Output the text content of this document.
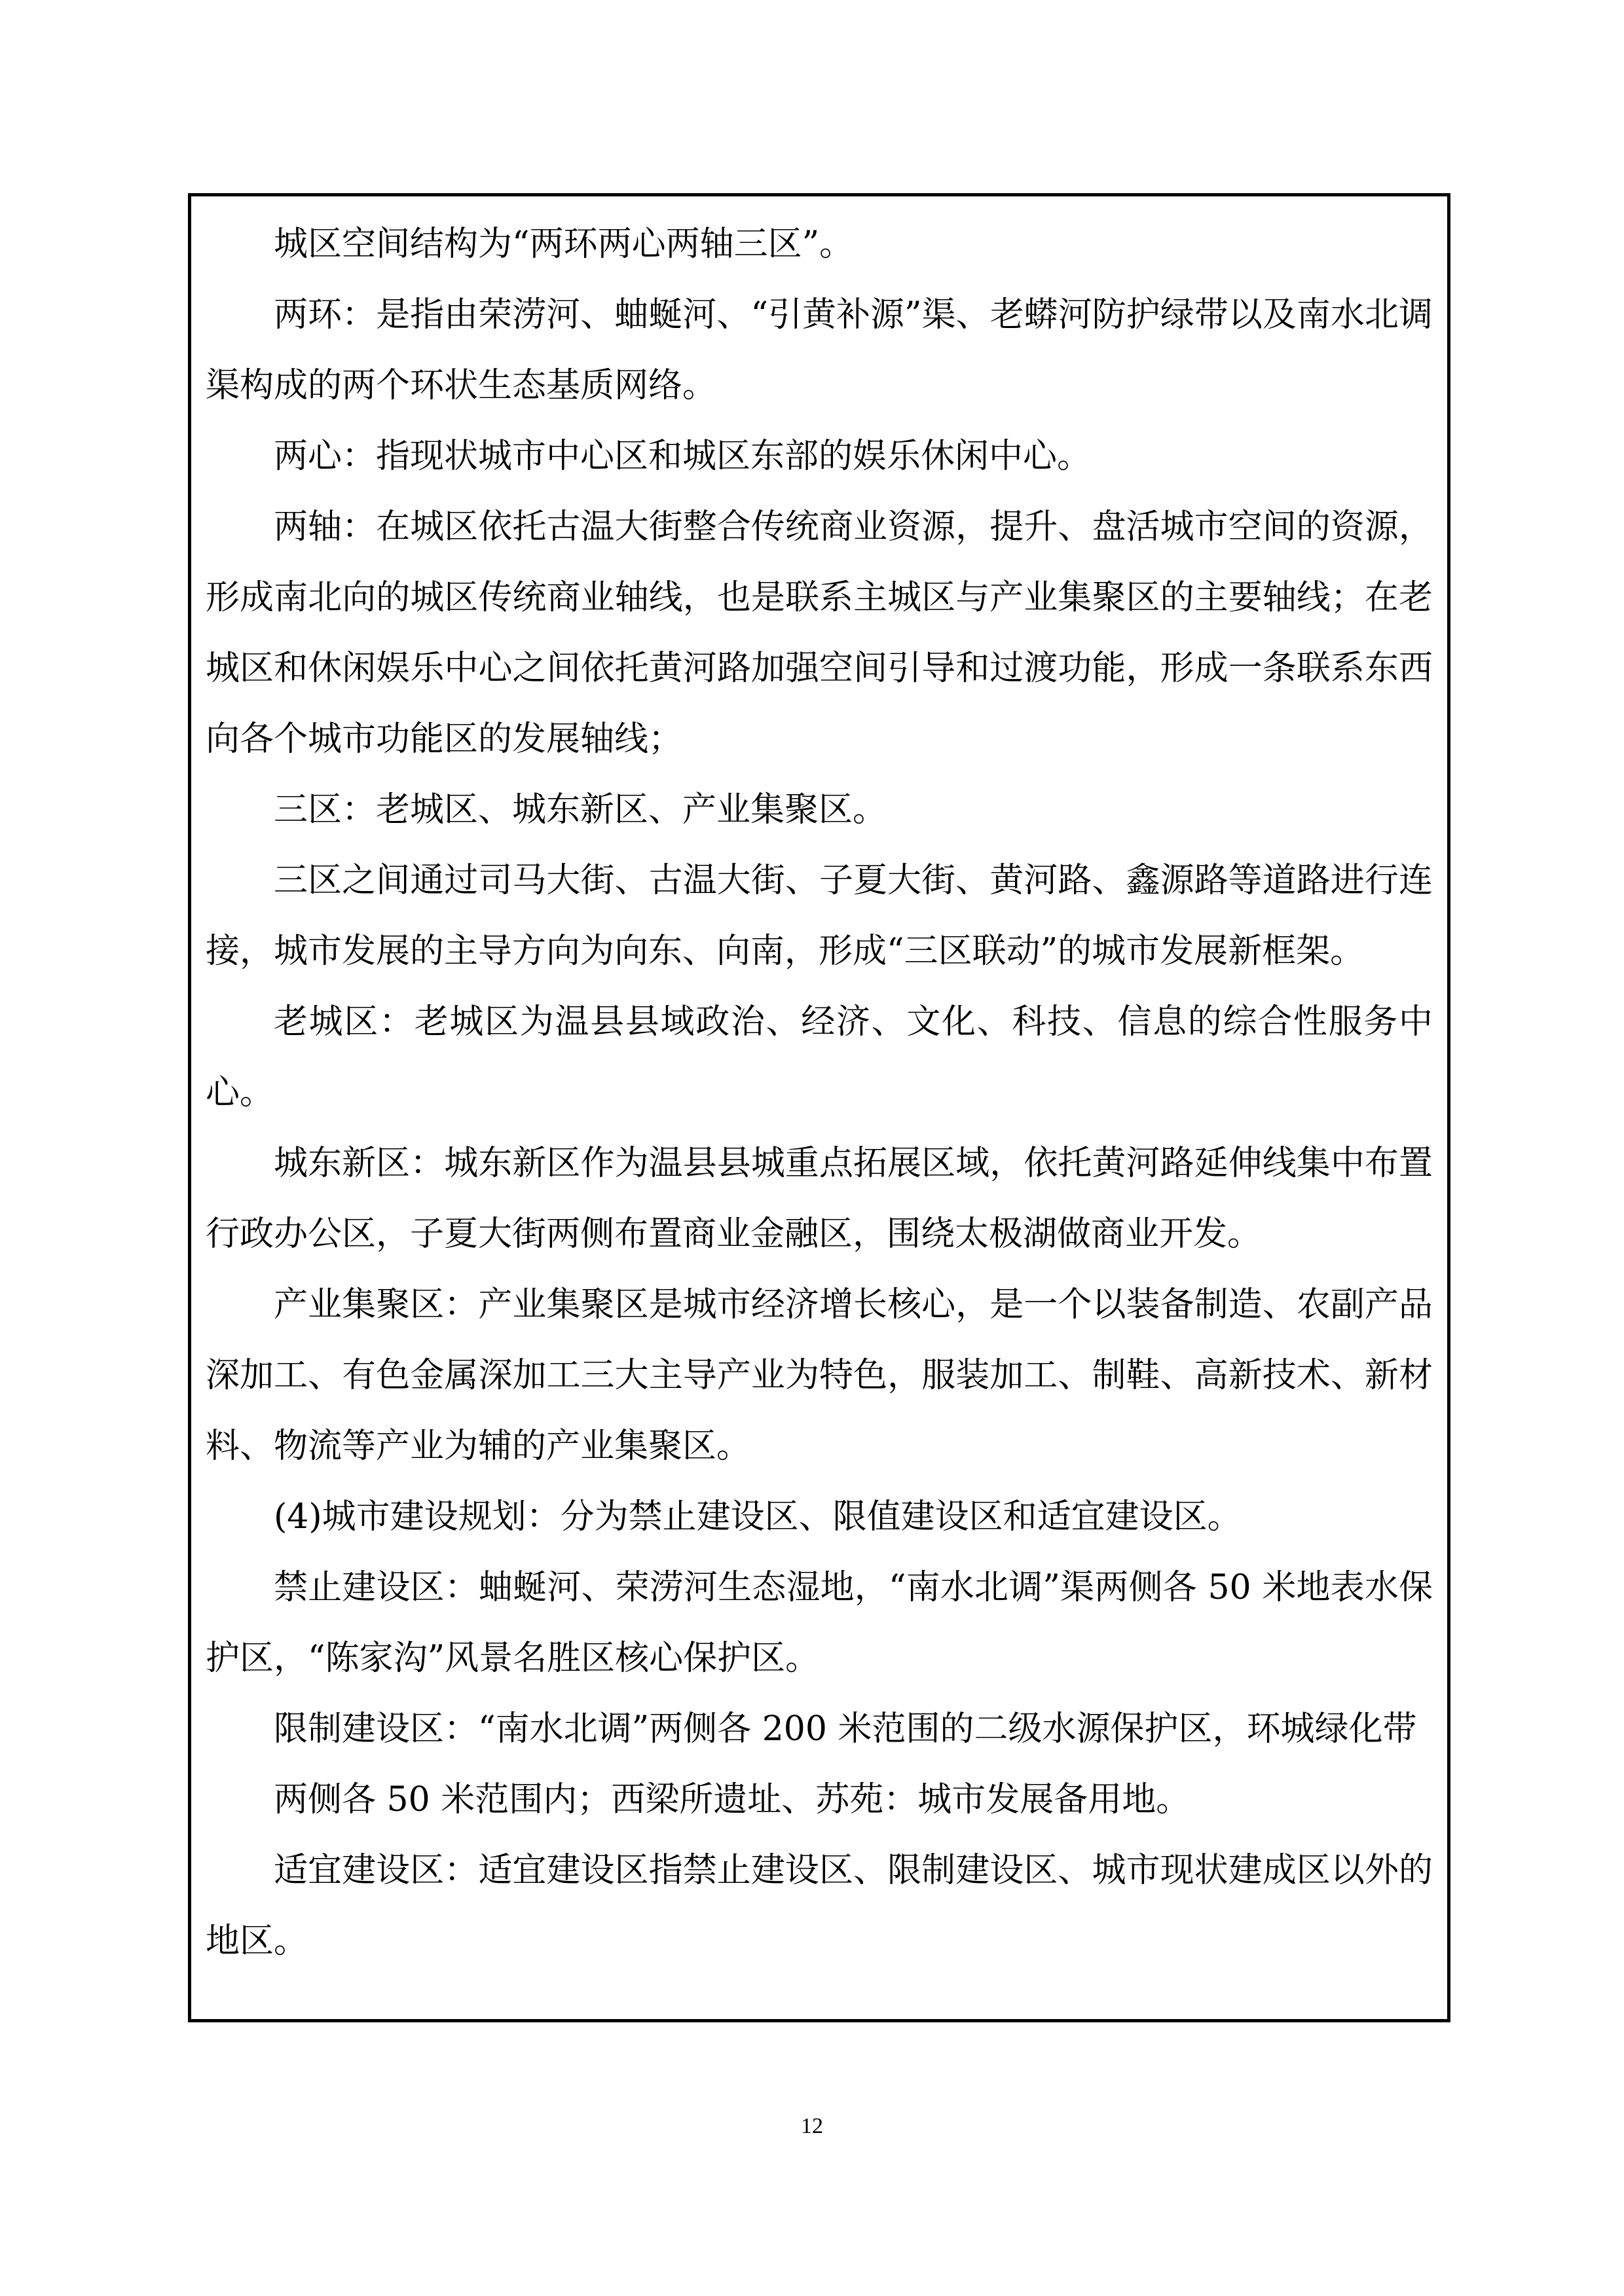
城区空间结构为“两环两心两轴三区”。

两环：是指由荣涝河、蚰蜒河、“引黄补源”渠、老蟒河防护绿带以及南水北调渠构成的两个环状生态基质网络。

两心：指现状城市中心区和城区东部的娱乐休闲中心。

两轴：在城区依托古温大街整合传统商业资源，提升、盘活城市空间的资源，形成南北向的城区传统商业轴线，也是联系主城区与产业集聚区的主要轴线；在老城区和休闲娱乐中心之间依托黄河路加强空间引导和过渡功能，形成一条联系东西向各个城市功能区的发展轴线；

三区：老城区、城东新区、产业集聚区。

三区之间通过司马大街、古温大街、子夏大街、黄河路、鑫源路等道路进行连接，城市发展的主导方向为向东、向南，形成“三区联动”的城市发展新框架。

老城区：老城区为温县县域政治、经济、文化、科技、信息的综合性服务中心。

城东新区：城东新区作为温县县城重点拓展区域，依托黄河路延伸线集中布置行政办公区，子夏大街两侧布置商业金融区，围绕太极湖做商业开发。

产业集聚区：产业集聚区是城市经济增长核心，是一个以装备制造、农副产品深加工、有色金属深加工三大主导产业为特色，服装加工、制鞋、高新技术、新材料、物流等产业为辅的产业集聚区。

(4)城市建设规划：分为禁止建设区、限值建设区和适宜建设区。

禁止建设区：蚰蜒河、荣涝河生态湿地，“南水北调”渠两侧各 50 米地表水保护区，“陈家沟”风景名胜区核心保护区。

限制建设区：“南水北调”两侧各 200 米范围的二级水源保护区，环城绿化带

两侧各 50 米范围内；西梁所遗址、苏苑：城市发展备用地。

适宜建设区：适宜建设区指禁止建设区、限制建设区、城市现状建成区以外的地区。

12
